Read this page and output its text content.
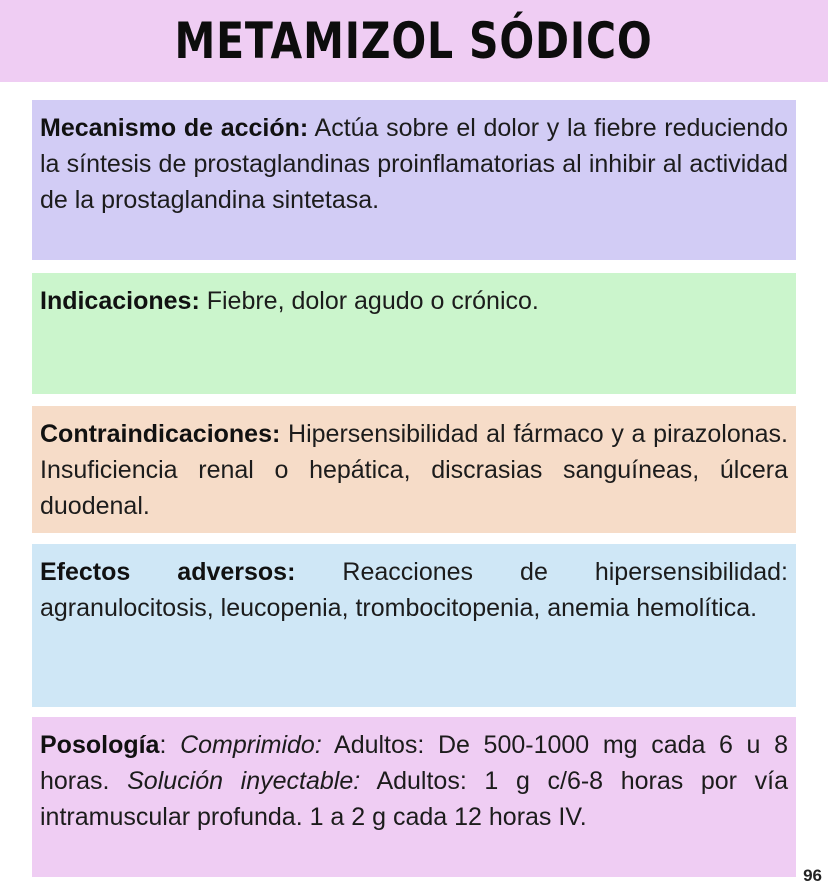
METAMIZOL SÓDICO

Mecanismo de acción: Actúa sobre el dolor y la fiebre reduciendo la síntesis de prostaglandinas proinflamatorias al inhibir al actividad de la prostaglandina sintetasa.

Indicaciones: Fiebre, dolor agudo o crónico.

Contraindicaciones: Hipersensibilidad al fármaco y a pirazolonas. Insuficiencia renal o hepática, discrasias sanguíneas, úlcera duodenal.

Efectos adversos: Reacciones de hipersensibilidad: agranulocitosis, leucopenia, trombocitopenia, anemia hemolítica.

Posología: Comprimido: Adultos: De 500-1000 mg cada 6 u 8 horas. Solución inyectable: Adultos: 1 g c/6-8 horas por vía intramuscular profunda. 1 a 2 g cada 12 horas IV.

96
